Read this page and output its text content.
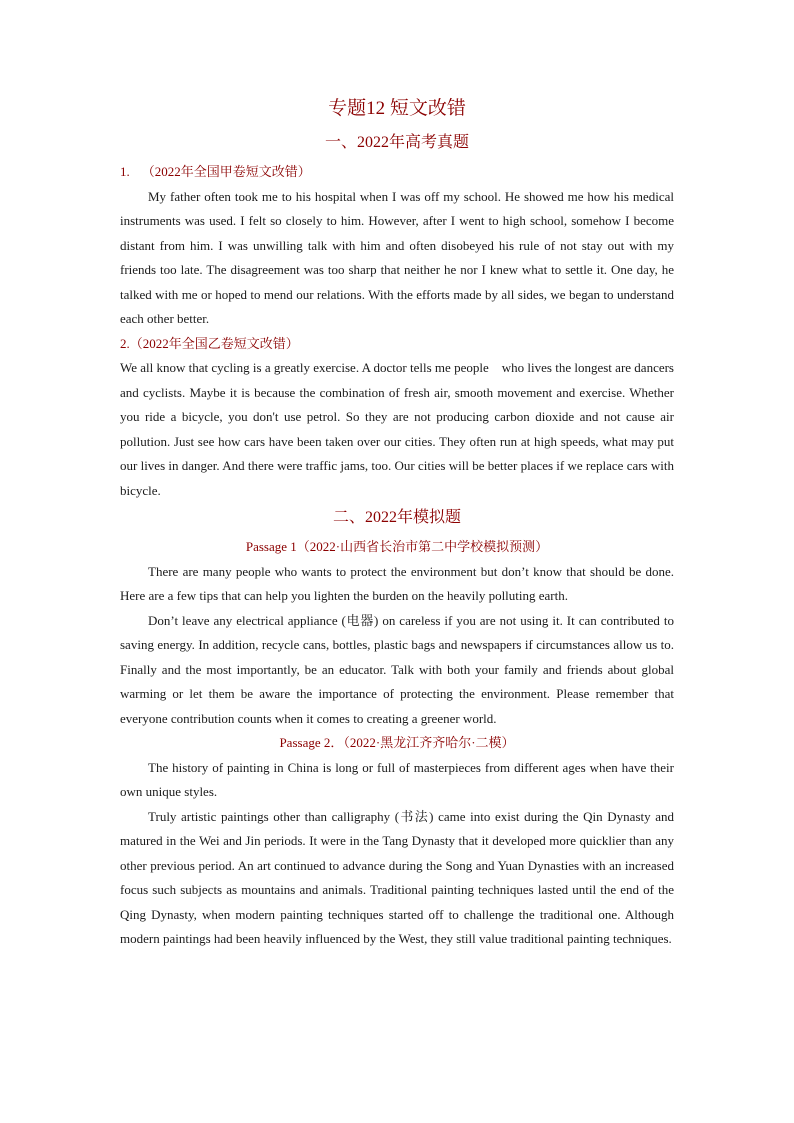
专题12 短文改错
一、2022年高考真题
1. （2022年全国甲卷短文改错）

My father often took me to his hospital when I was off my school. He showed me how his medical instruments was used. I felt so closely to him. However, after I went to high school, somehow I become distant from him. I was unwilling talk with him and often disobeyed his rule of not stay out with my friends too late. The disagreement was too sharp that neither he nor I knew what to settle it. One day, he talked with me or hoped to mend our relations. With the efforts made by all sides, we began to understand each other better.

2.（2022年全国乙卷短文改错）

We all know that cycling is a greatly exercise. A doctor tells me people    who lives the longest are dancers and cyclists. Maybe it is because the combination of fresh air, smooth movement and exercise. Whether you ride a bicycle, you don't use petrol. So they are not producing carbon dioxide and not cause air pollution. Just see how cars have been taken over our cities. They often run at high speeds, what may put our lives in danger. And there were traffic jams, too. Our cities will be better places if we replace cars with bicycle.

二、2022年模拟题
Passage 1（2022·山西省长治市第二中学校模拟预测）

There are many people who wants to protect the environment but don’t know that should be done. Here are a few tips that can help you lighten the burden on the heavily polluting earth.

Don’t leave any electrical appliance (电器) on careless if you are not using it. It can contributed to saving energy. In addition, recycle cans, bottles, plastic bags and newspapers if circumstances allow us to. Finally and the most importantly, be an educator. Talk with both your family and friends about global warming or let them be aware the importance of protecting the environment. Please remember that everyone contribution counts when it comes to creating a greener world.

Passage 2．（2022·黑龙江齐齐哈尔·二模）

The history of painting in China is long or full of masterpieces from different ages when have their own unique styles.

Truly artistic paintings other than calligraphy (书法) came into exist during the Qin Dynasty and matured in the Wei and Jin periods. It were in the Tang Dynasty that it developed more quicklier than any other previous period. An art continued to advance during the Song and Yuan Dynasties with an increased focus such subjects as mountains and animals. Traditional painting techniques lasted until the end of the Qing Dynasty, when modern painting techniques started off to challenge the traditional one. Although modern paintings had been heavily influenced by the West, they still value traditional painting techniques.
